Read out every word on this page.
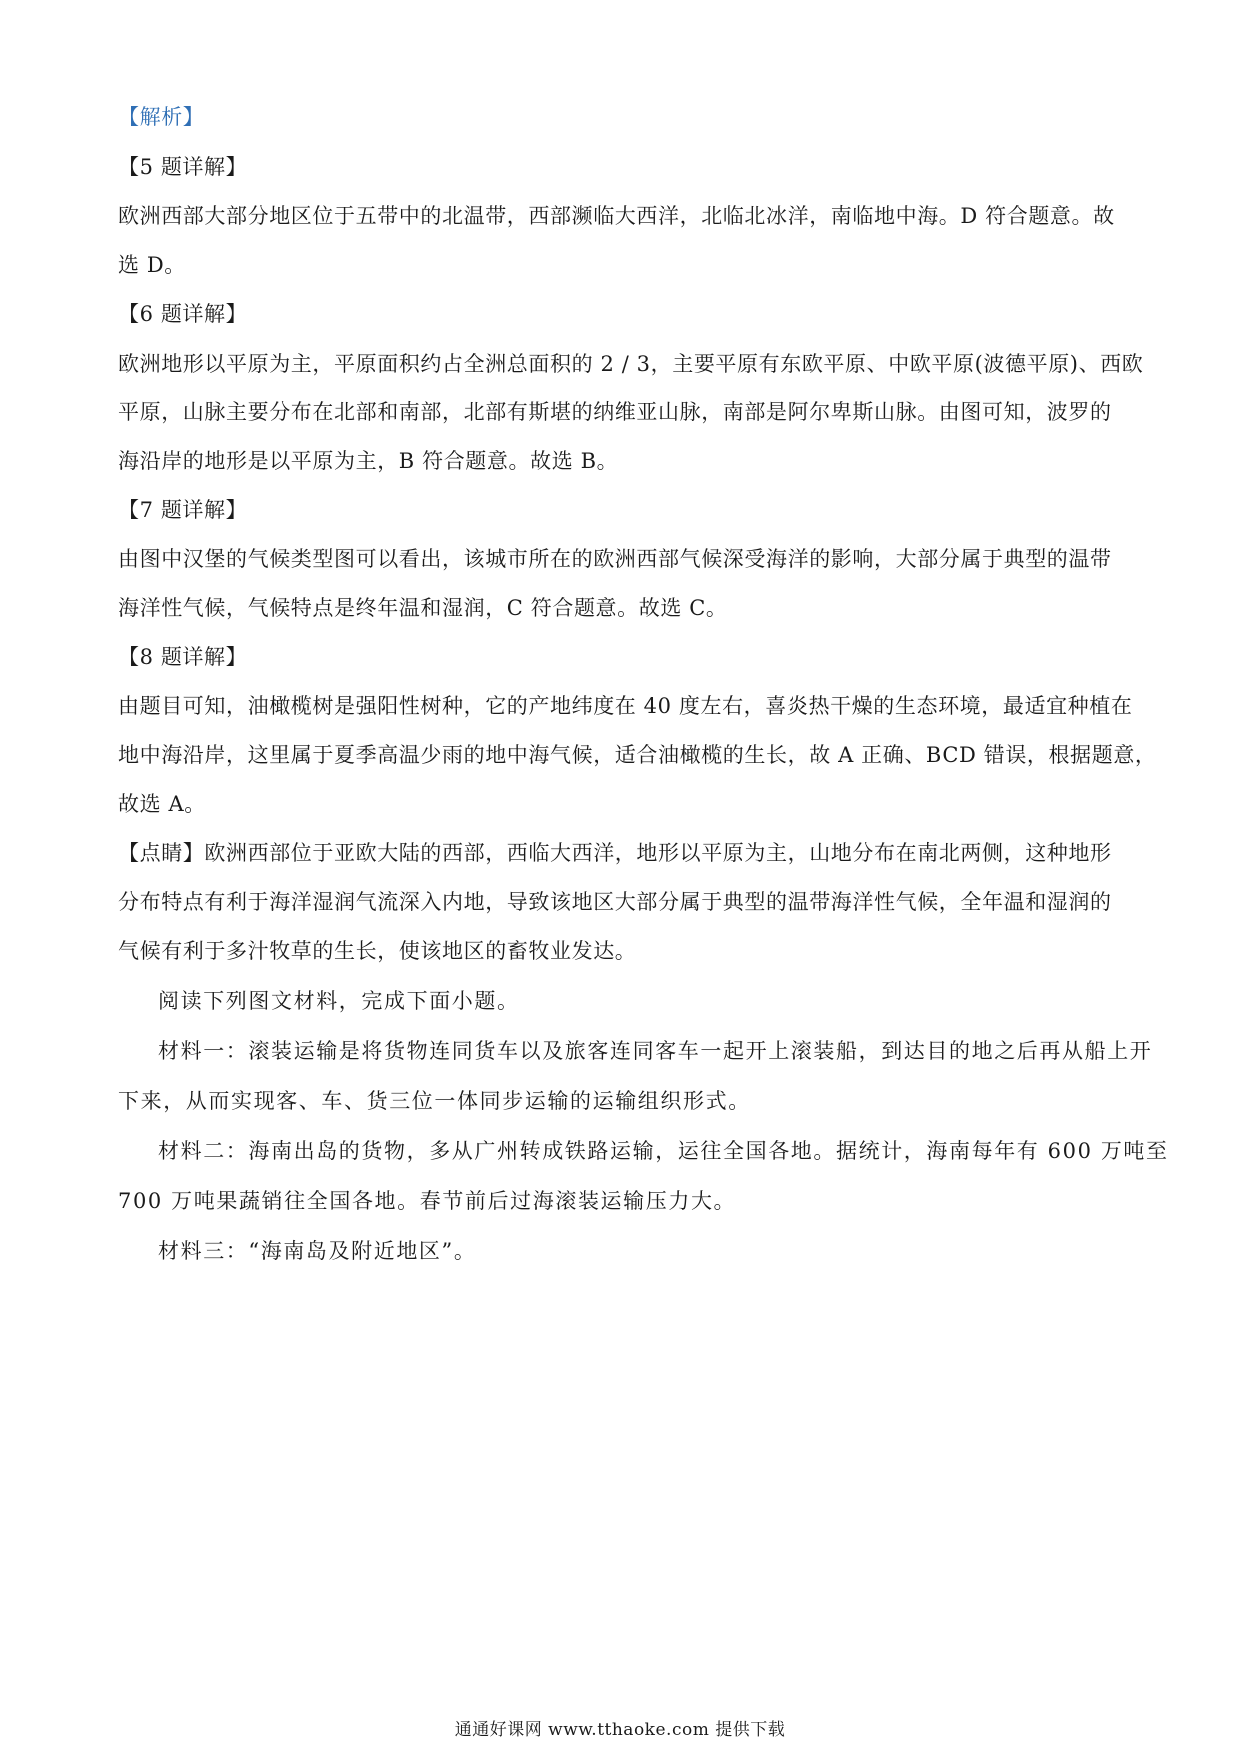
【解析】
【5 题详解】
欧洲西部大部分地区位于五带中的北温带，西部濒临大西洋，北临北冰洋，南临地中海。D 符合题意。故
选 D。
【6 题详解】
欧洲地形以平原为主，平原面积约占全洲总面积的 2 / 3，主要平原有东欧平原、中欧平原(波德平原)、西欧
平原，山脉主要分布在北部和南部，北部有斯堪的纳维亚山脉，南部是阿尔卑斯山脉。由图可知，波罗的
海沿岸的地形是以平原为主，B 符合题意。故选 B。
【7 题详解】
由图中汉堡的气候类型图可以看出，该城市所在的欧洲西部气候深受海洋的影响，大部分属于典型的温带
海洋性气候，气候特点是终年温和湿润，C 符合题意。故选 C。
【8 题详解】
由题目可知，油橄榄树是强阳性树种，它的产地纬度在 40 度左右，喜炎热干燥的生态环境，最适宜种植在
地中海沿岸，这里属于夏季高温少雨的地中海气候，适合油橄榄的生长，故 A 正确、BCD 错误，根据题意，
故选 A。
【点睛】欧洲西部位于亚欧大陆的西部，西临大西洋，地形以平原为主，山地分布在南北两侧，这种地形
分布特点有利于海洋湿润气流深入内地，导致该地区大部分属于典型的温带海洋性气候，全年温和湿润的
气候有利于多汁牧草的生长，使该地区的畜牧业发达。
阅读下列图文材料，完成下面小题。
材料一：滚装运输是将货物连同货车以及旅客连同客车一起开上滚装船，到达目的地之后再从船上开
下来，从而实现客、车、货三位一体同步运输的运输组织形式。
材料二：海南出岛的货物，多从广州转成铁路运输，运往全国各地。据统计，海南每年有 600 万吨至
700 万吨果蔬销往全国各地。春节前后过海滚装运输压力大。
材料三：“海南岛及附近地区”。
通通好课网 www.tthaoke.com 提供下载
